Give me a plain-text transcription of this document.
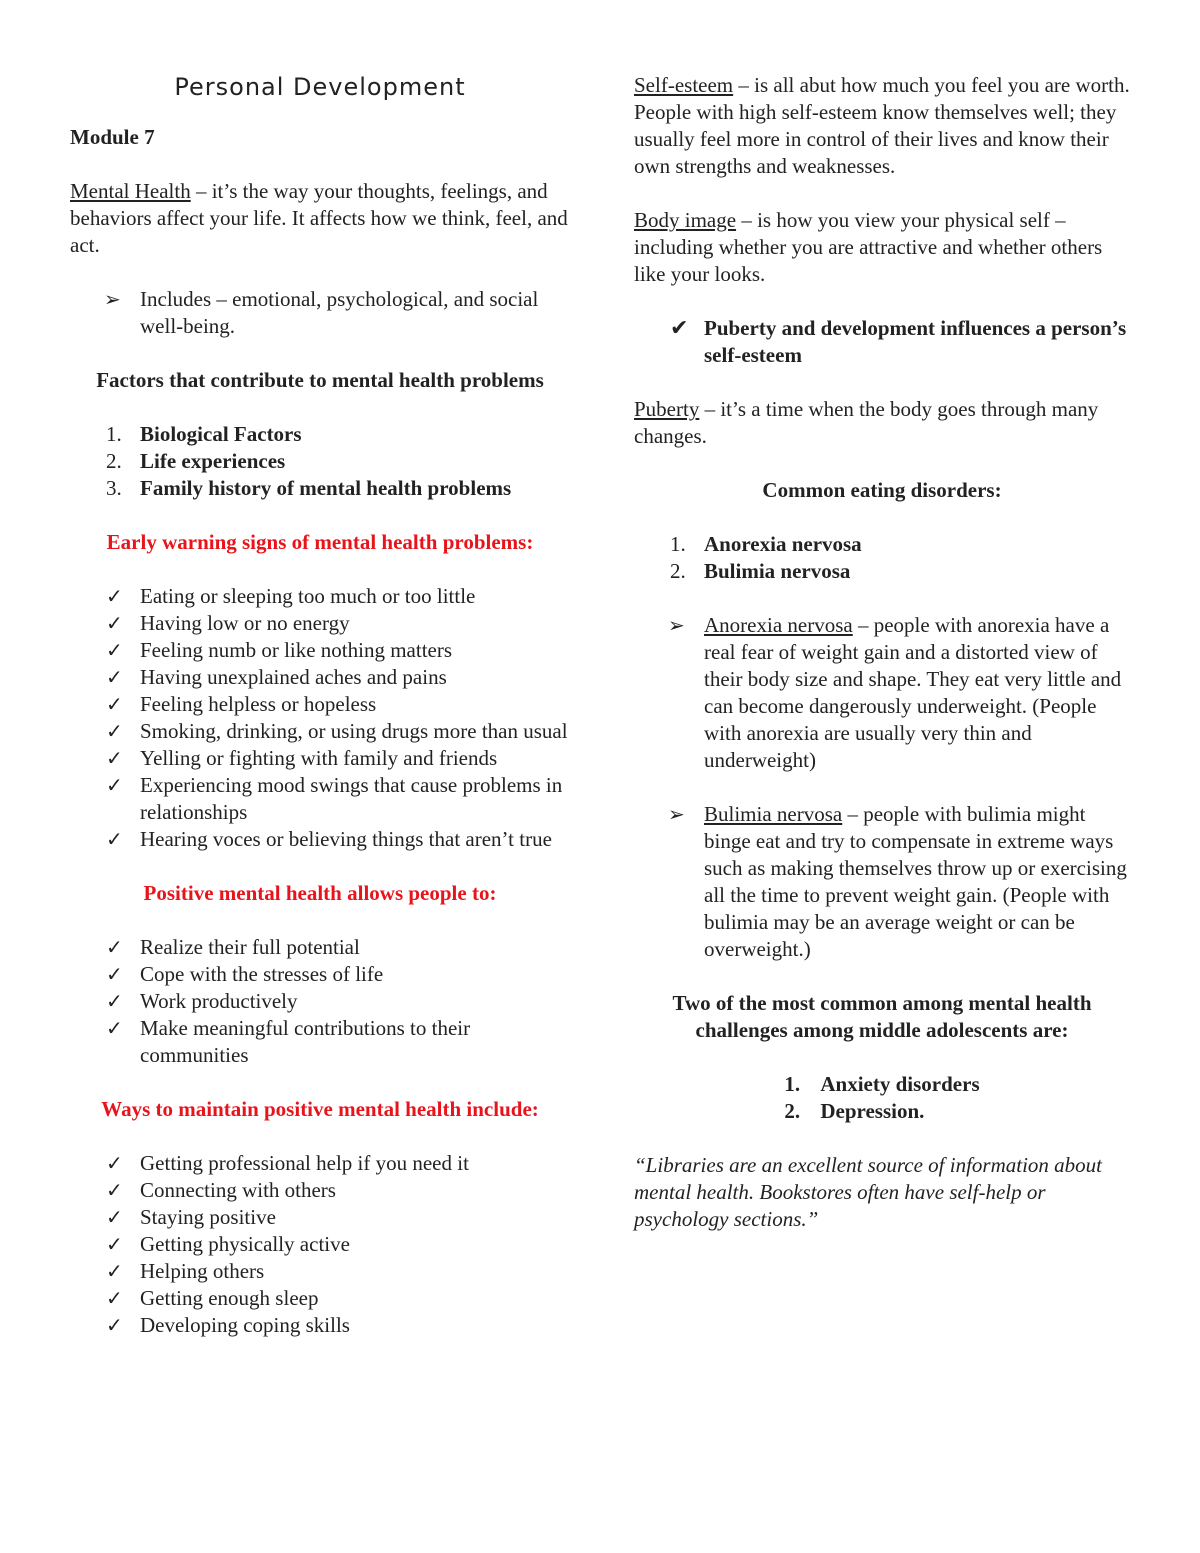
Personal Development

Module 7

Mental Health – it’s the way your thoughts, feelings, and behaviors affect your life. It affects how we think, feel, and act.

➢ Includes – emotional, psychological, and social well-being.

Factors that contribute to mental health problems

1. Biological Factors
2. Life experiences
3. Family history of mental health problems

Early warning signs of mental health problems:

✓ Eating or sleeping too much or too little
✓ Having low or no energy
✓ Feeling numb or like nothing matters
✓ Having unexplained aches and pains
✓ Feeling helpless or hopeless
✓ Smoking, drinking, or using drugs more than usual
✓ Yelling or fighting with family and friends
✓ Experiencing mood swings that cause problems in relationships
✓ Hearing voces or believing things that aren’t true

Positive mental health allows people to:

✓ Realize their full potential
✓ Cope with the stresses of life
✓ Work productively
✓ Make meaningful contributions to their communities

Ways to maintain positive mental health include:

✓ Getting professional help if you need it
✓ Connecting with others
✓ Staying positive
✓ Getting physically active
✓ Helping others
✓ Getting enough sleep
✓ Developing coping skills

Self-esteem – is all abut how much you feel you are worth. People with high self-esteem know themselves well; they usually feel more in control of their lives and know their own strengths and weaknesses.

Body image – is how you view your physical self – including whether you are attractive and whether others like your looks.

✔ Puberty and development influences a person’s self-esteem

Puberty – it’s a time when the body goes through many changes.

Common eating disorders:

1. Anorexia nervosa
2. Bulimia nervosa
➢ Anorexia nervosa – people with anorexia have a real fear of weight gain and a distorted view of their body size and shape. They eat very little and can become dangerously underweight. (People with anorexia are usually very thin and underweight)
➢ Bulimia nervosa – people with bulimia might binge eat and try to compensate in extreme ways such as making themselves throw up or exercising all the time to prevent weight gain. (People with bulimia may be an average weight or can be overweight.)

Two of the most common among mental health challenges among middle adolescents are:

1. Anxiety disorders
2. Depression.

“Libraries are an excellent source of information about mental health. Bookstores often have self-help or psychology sections.”
